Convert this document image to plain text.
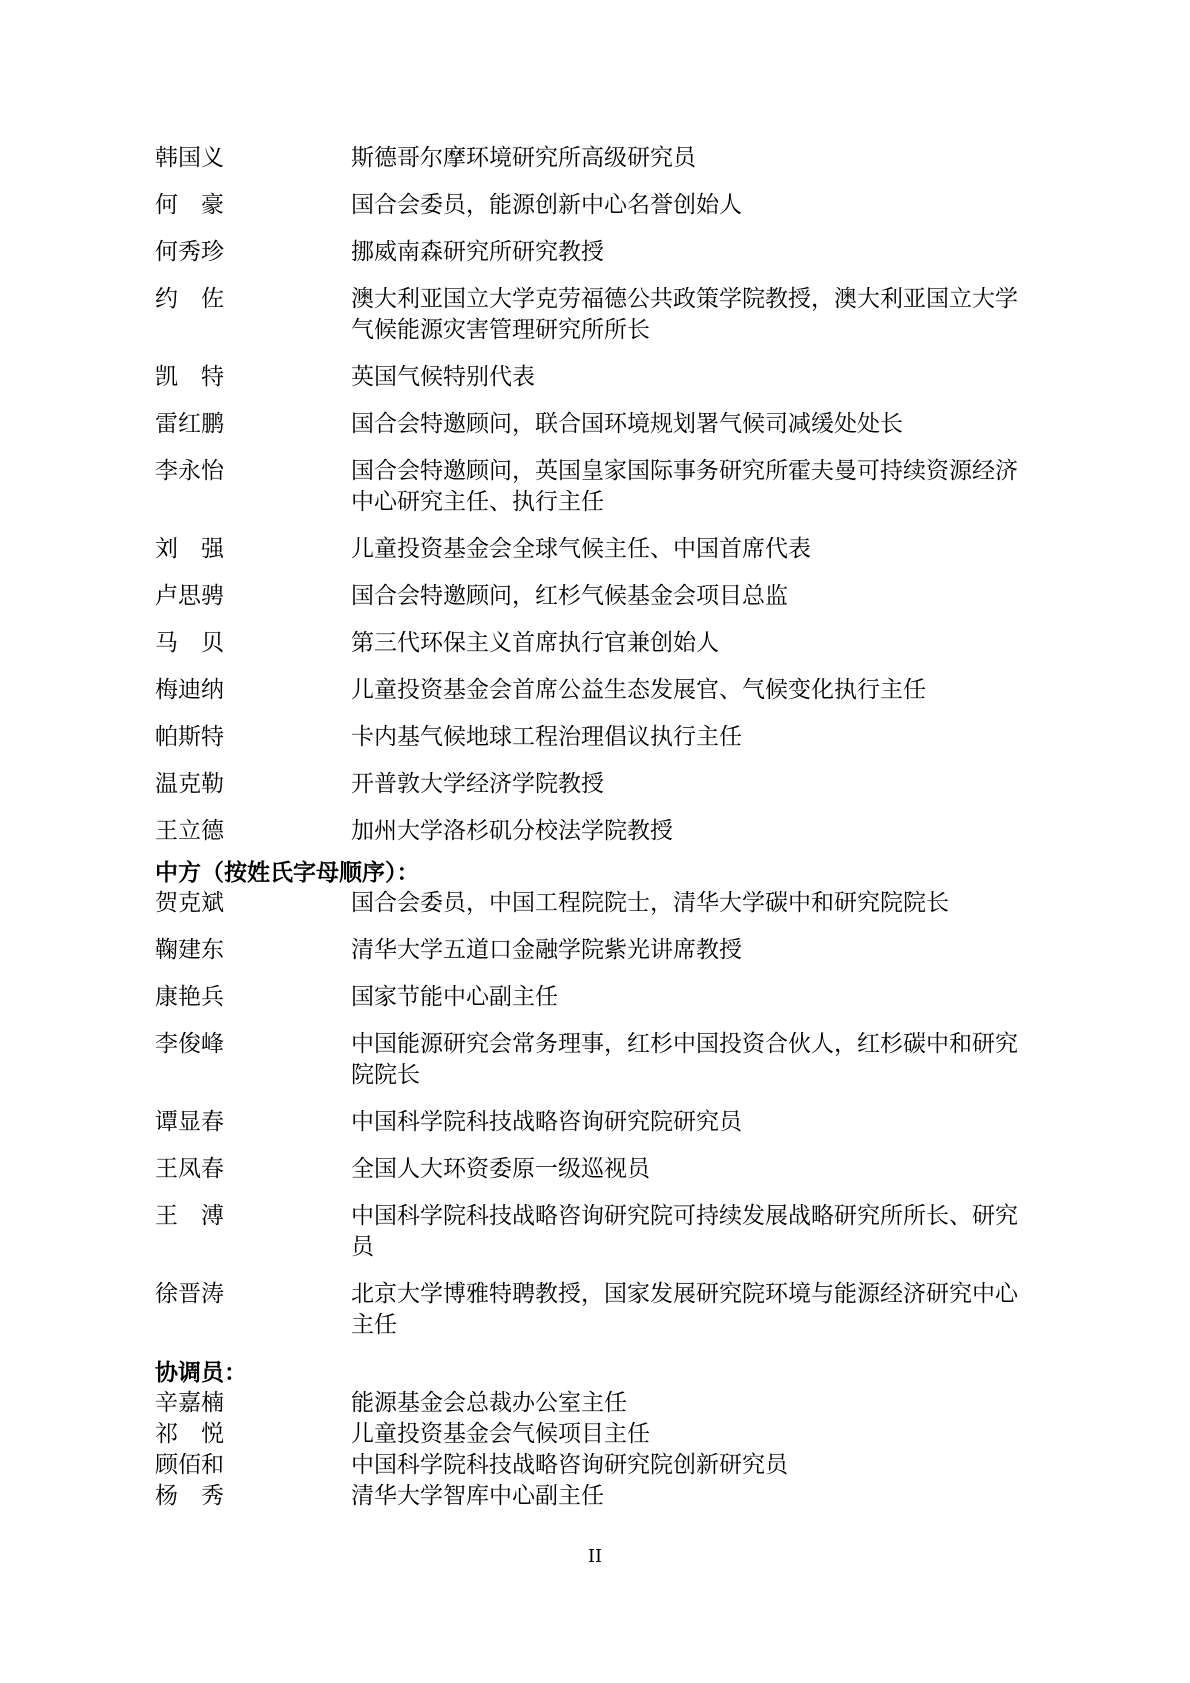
韩国义	斯德哥尔摩环境研究所高级研究员
何　豪	国合会委员，能源创新中心名誉创始人
何秀珍	挪威南森研究所研究教授
约　佐	澳大利亚国立大学克劳福德公共政策学院教授，澳大利亚国立大学气候能源灾害管理研究所所长
凯　特	英国气候特别代表
雷红鹏	国合会特邀顾问，联合国环境规划署气候司减缓处处长
李永怡	国合会特邀顾问，英国皇家国际事务研究所霍夫曼可持续资源经济中心研究主任、执行主任
刘　强	儿童投资基金会全球气候主任、中国首席代表
卢思骋	国合会特邀顾问，红杉气候基金会项目总监
马　贝	第三代环保主义首席执行官兼创始人
梅迪纳	儿童投资基金会首席公益生态发展官、气候变化执行主任
帕斯特	卡内基气候地球工程治理倡议执行主任
温克勒	开普敦大学经济学院教授
王立德	加州大学洛杉矶分校法学院教授
中方（按姓氏字母顺序）：
贺克斌	国合会委员，中国工程院院士，清华大学碳中和研究院院长
鞠建东	清华大学五道口金融学院紫光讲席教授
康艳兵	国家节能中心副主任
李俊峰	中国能源研究会常务理事，红杉中国投资合伙人，红杉碳中和研究院院长
谭显春	中国科学院科技战略咨询研究院研究员
王凤春	全国人大环资委原一级巡视员
王　溥	中国科学院科技战略咨询研究院可持续发展战略研究所所长、研究员
徐晋涛	北京大学博雅特聘教授，国家发展研究院环境与能源经济研究中心主任
协调员：
辛嘉楠	能源基金会总裁办公室主任
祁　悦	儿童投资基金会气候项目主任
顾佰和	中国科学院科技战略咨询研究院创新研究员
杨　秀	清华大学智库中心副主任
II
